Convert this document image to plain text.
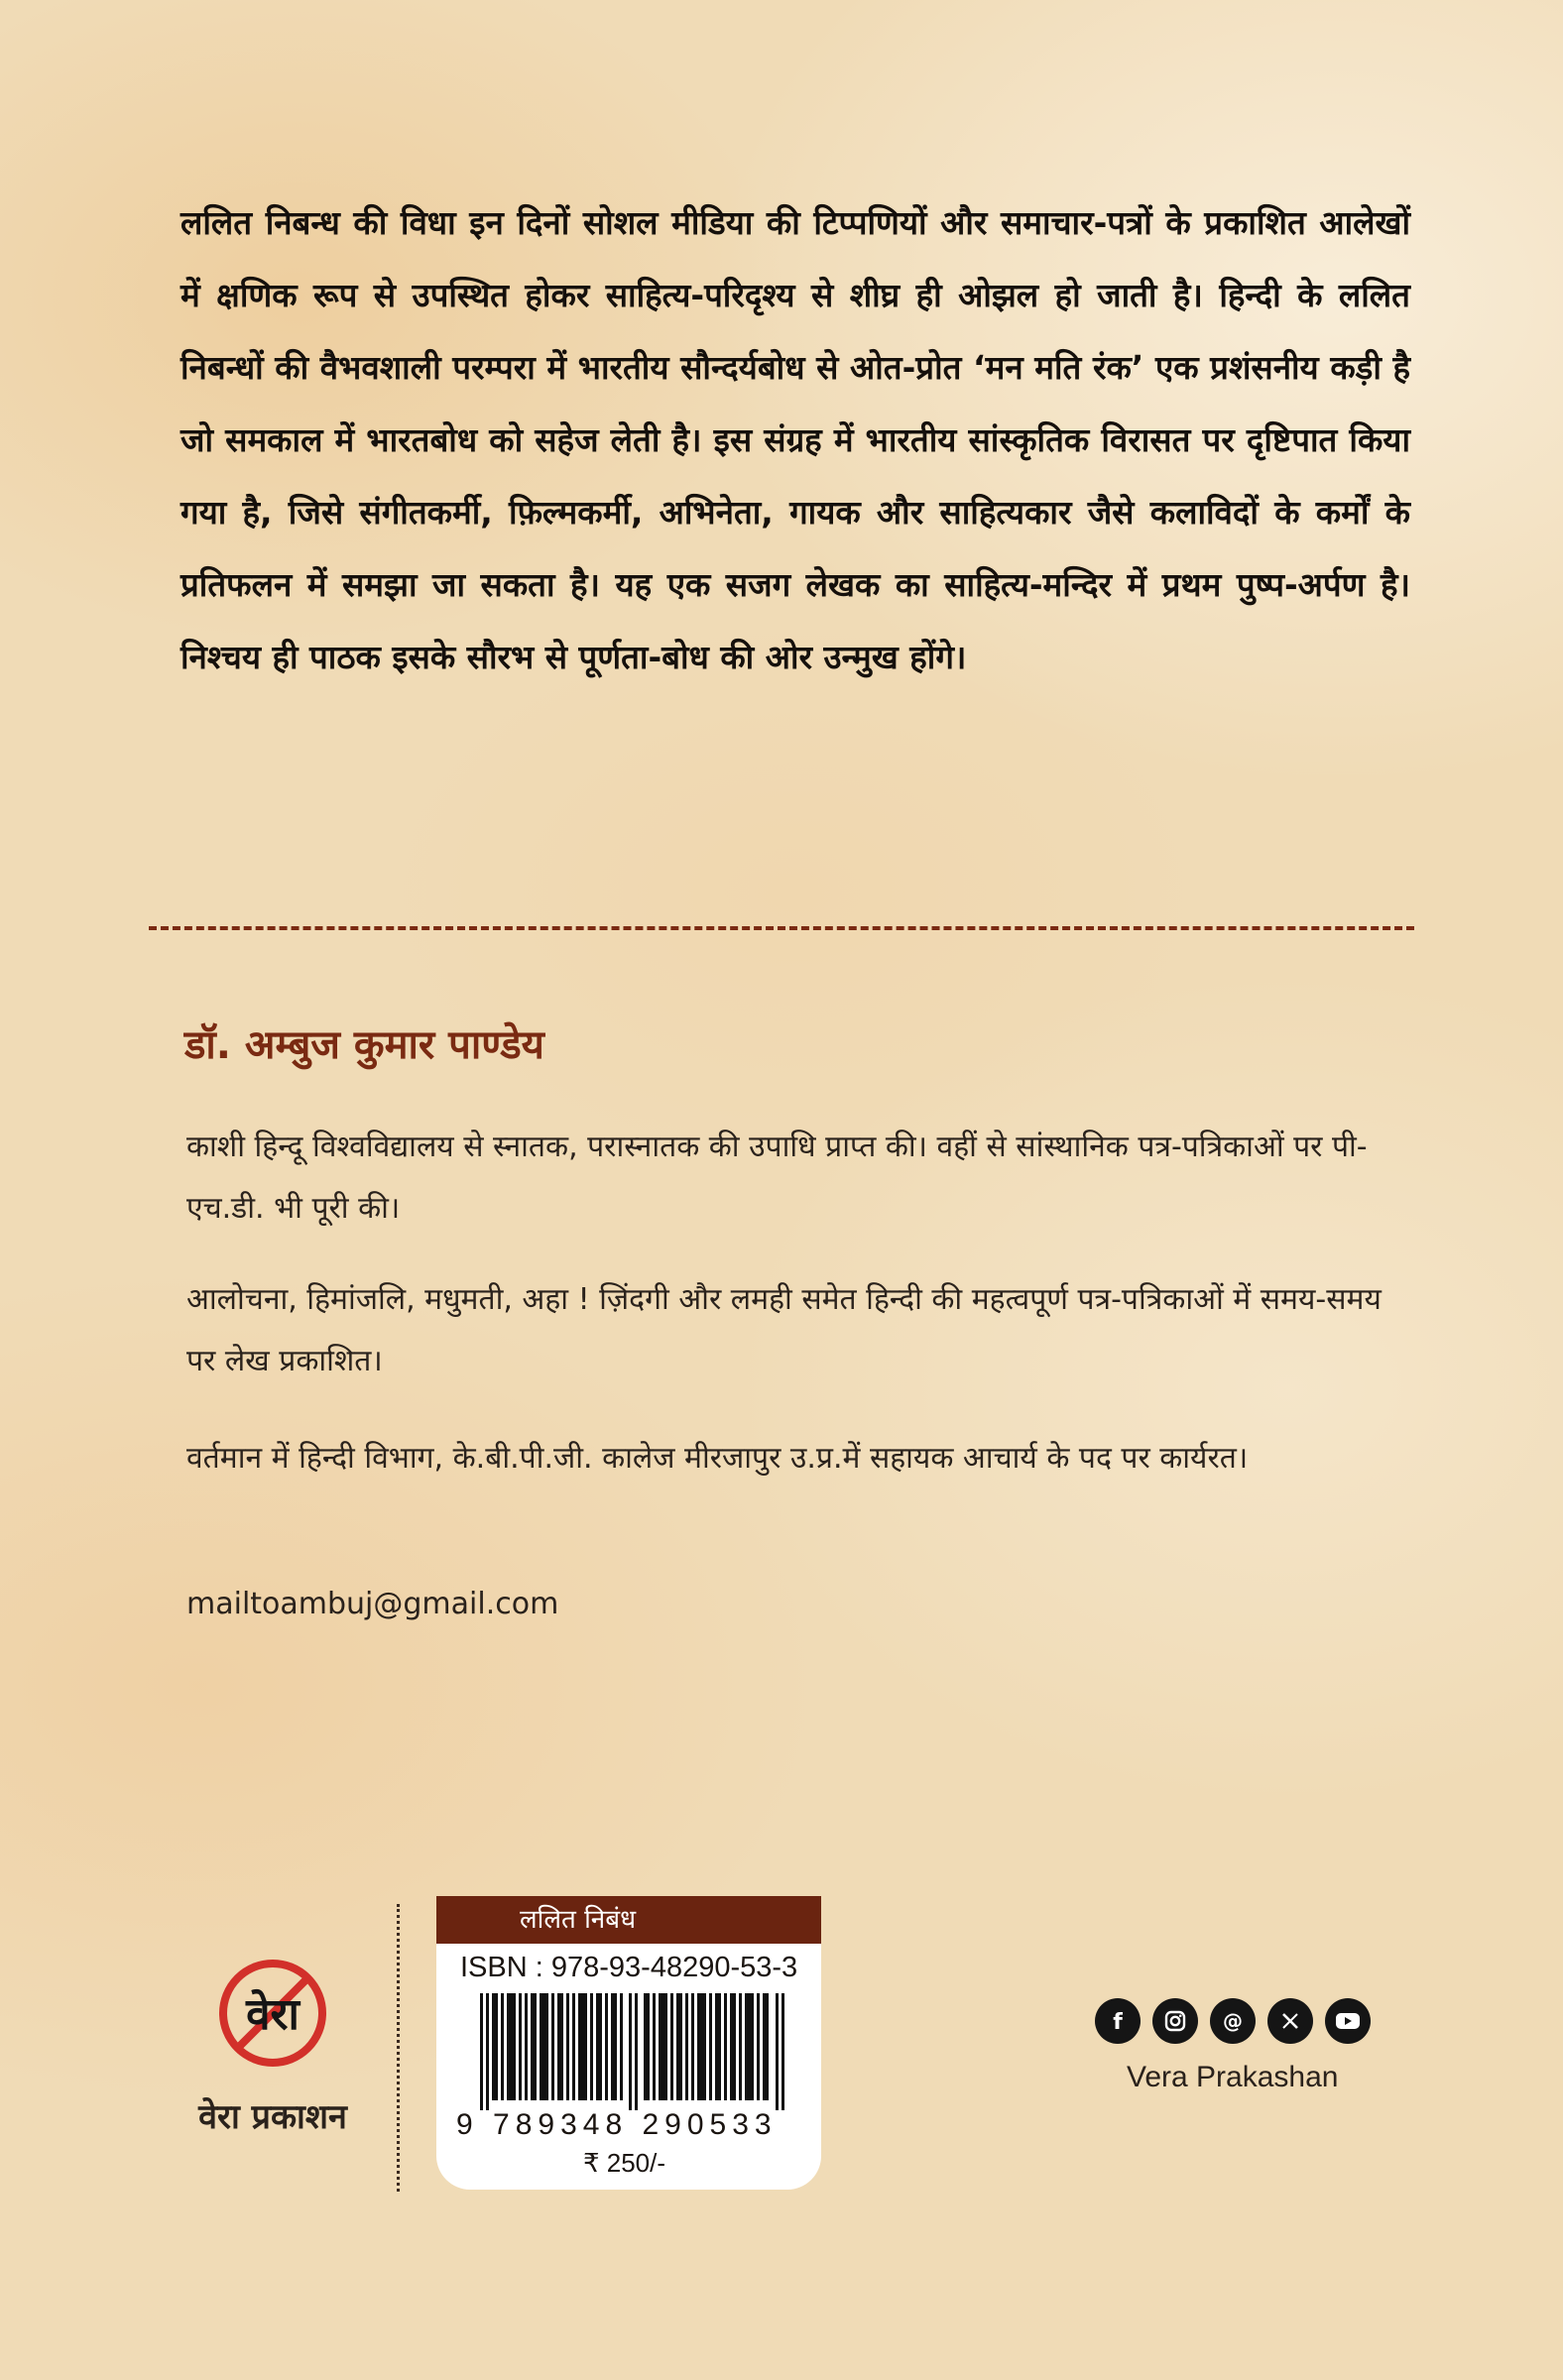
ललित निबन्ध की विधा इन दिनों सोशल मीडिया की टिप्पणियों और समाचार-पत्रों के प्रकाशित आलेखों में क्षणिक रूप से उपस्थित होकर साहित्य-परिदृश्य से शीघ्र ही ओझल हो जाती है। हिन्दी के ललित निबन्धों की वैभवशाली परम्परा में भारतीय सौन्दर्यबोध से ओत-प्रोत ‘मन मति रंक’ एक प्रशंसनीय कड़ी है जो समकाल में भारतबोध को सहेज लेती है। इस संग्रह में भारतीय सांस्कृतिक विरासत पर दृष्टिपात किया गया है, जिसे संगीतकर्मी, फ़िल्मकर्मी, अभिनेता, गायक और साहित्यकार जैसे कलाविदों के कर्मों के प्रतिफलन में समझा जा सकता है। यह एक सजग लेखक का साहित्य-मन्दिर में प्रथम पुष्प-अर्पण है। निश्चय ही पाठक इसके सौरभ से पूर्णता-बोध की ओर उन्मुख होंगे।

डॉ. अम्बुज कुमार पाण्डेय

काशी हिन्दू विश्वविद्यालय से स्नातक, परास्नातक की उपाधि प्राप्त की। वहीं से सांस्थानिक पत्र-पत्रिकाओं पर पी-एच.डी. भी पूरी की।

आलोचना, हिमांजलि, मधुमती, अहा ! ज़िंदगी और लमही समेत हिन्दी की महत्वपूर्ण पत्र-पत्रिकाओं में समय-समय पर लेख प्रकाशित।

वर्तमान में हिन्दी विभाग, के.बी.पी.जी. कालेज मीरजापुर उ.प्र.में सहायक आचार्य के पद पर कार्यरत।

mailtoambuj@gmail.com

वेरा
वेरा प्रकाशन
ललित निबंध
ISBN : 978-93-48290-53-3
9 789348 290533
₹ 250/-
f	@
Vera Prakashan
